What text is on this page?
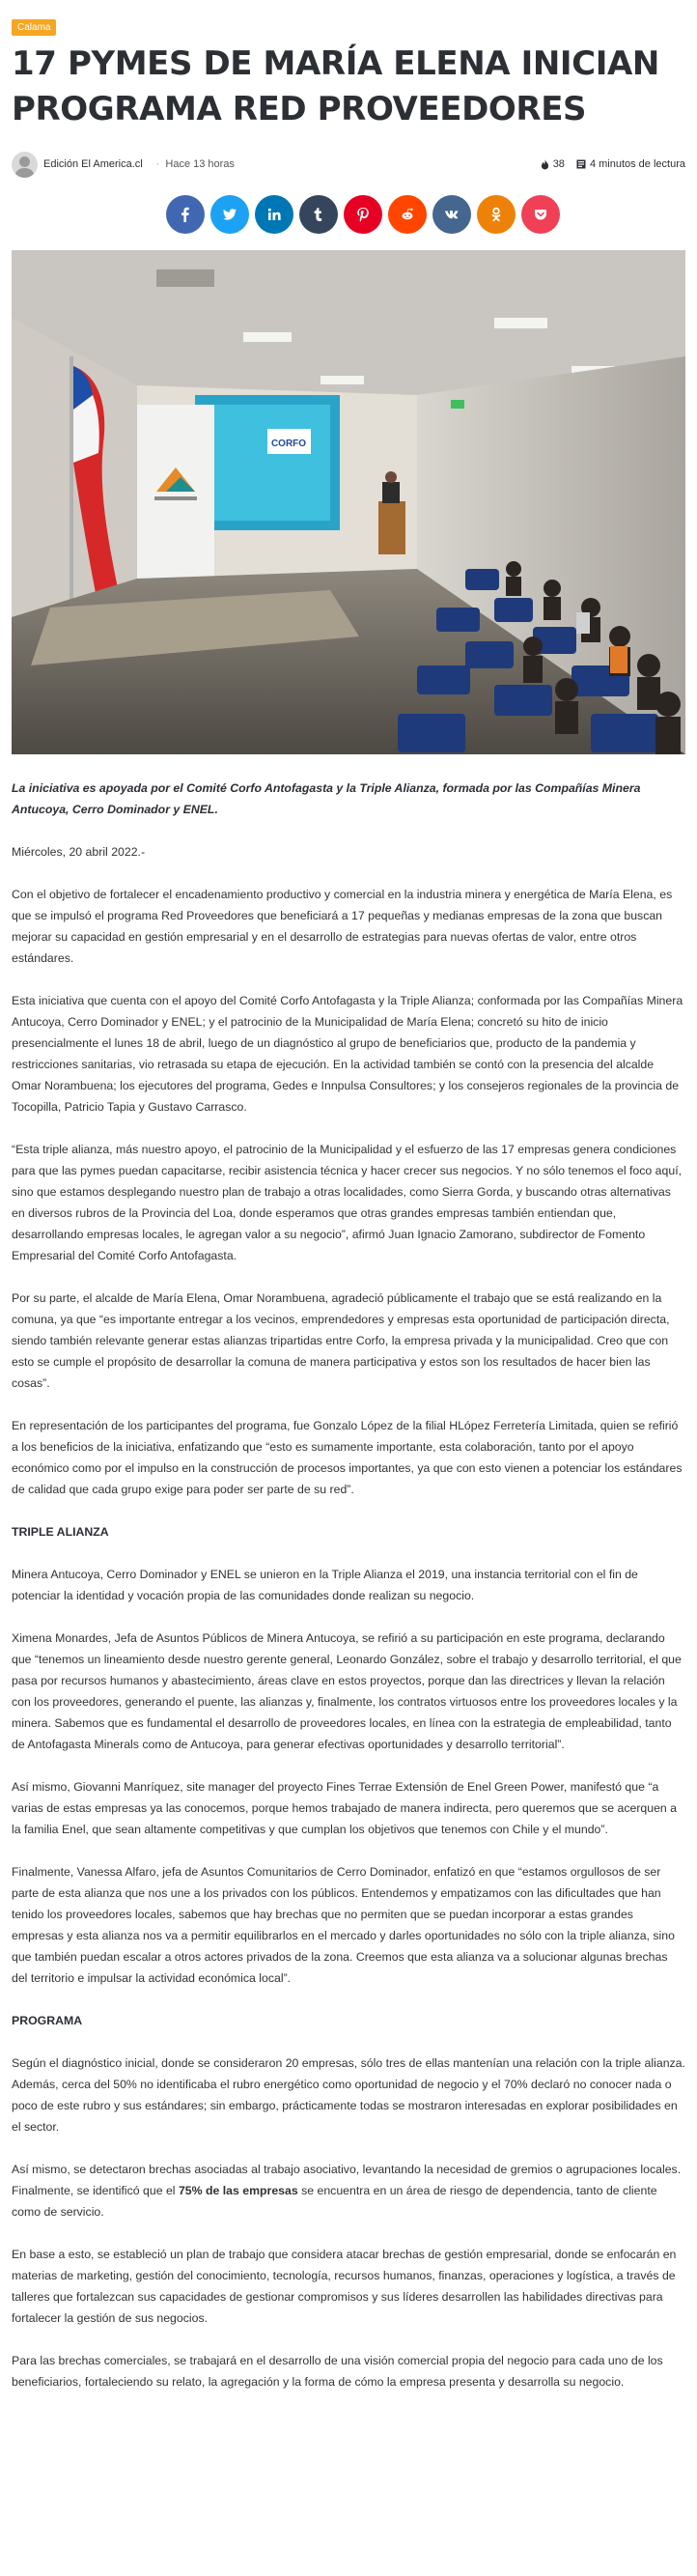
Calama
17 PYMES DE MARÍA ELENA INICIAN PROGRAMA RED PROVEEDORES
Edición El America.cl · Hace 13 horas	38 4 minutos de lectura
CORFO

La iniciativa es apoyada por el Comité Corfo Antofagasta y la Triple Alianza, formada por las Compañías Minera Antucoya, Cerro Dominador y ENEL.

Miércoles, 20 abril 2022.-

Con el objetivo de fortalecer el encadenamiento productivo y comercial en la industria minera y energética de María Elena, es que se impulsó el programa Red Proveedores que beneficiará a 17 pequeñas y medianas empresas de la zona que buscan mejorar su capacidad en gestión empresarial y en el desarrollo de estrategias para nuevas ofertas de valor, entre otros estándares.

Esta iniciativa que cuenta con el apoyo del Comité Corfo Antofagasta y la Triple Alianza; conformada por las Compañías Minera Antucoya, Cerro Dominador y ENEL; y el patrocinio de la Municipalidad de María Elena; concretó su hito de inicio presencialmente el lunes 18 de abril, luego de un diagnóstico al grupo de beneficiarios que, producto de la pandemia y restricciones sanitarias, vio retrasada su etapa de ejecución. En la actividad también se contó con la presencia del alcalde Omar Norambuena; los ejecutores del programa, Gedes e Innpulsa Consultores; y los consejeros regionales de la provincia de Tocopilla, Patricio Tapia y Gustavo Carrasco.

“Esta triple alianza, más nuestro apoyo, el patrocinio de la Municipalidad y el esfuerzo de las 17 empresas genera condiciones para que las pymes puedan capacitarse, recibir asistencia técnica y hacer crecer sus negocios. Y no sólo tenemos el foco aquí, sino que estamos desplegando nuestro plan de trabajo a otras localidades, como Sierra Gorda, y buscando otras alternativas en diversos rubros de la Provincia del Loa, donde esperamos que otras grandes empresas también entiendan que, desarrollando empresas locales, le agregan valor a su negocio”, afirmó Juan Ignacio Zamorano, subdirector de Fomento Empresarial del Comité Corfo Antofagasta.

Por su parte, el alcalde de María Elena, Omar Norambuena, agradeció públicamente el trabajo que se está realizando en la comuna, ya que “es importante entregar a los vecinos, emprendedores y empresas esta oportunidad de participación directa, siendo también relevante generar estas alianzas tripartidas entre Corfo, la empresa privada y la municipalidad. Creo que con esto se cumple el propósito de desarrollar la comuna de manera participativa y estos son los resultados de hacer bien las cosas”.

En representación de los participantes del programa, fue Gonzalo López de la filial HLópez Ferretería Limitada, quien se refirió a los beneficios de la iniciativa, enfatizando que “esto es sumamente importante, esta colaboración, tanto por el apoyo económico como por el impulso en la construcción de procesos importantes, ya que con esto vienen a potenciar los estándares de calidad que cada grupo exige para poder ser parte de su red”.

TRIPLE ALIANZA

Minera Antucoya, Cerro Dominador y ENEL se unieron en la Triple Alianza el 2019, una instancia territorial con el fin de potenciar la identidad y vocación propia de las comunidades donde realizan su negocio.

Ximena Monardes, Jefa de Asuntos Públicos de Minera Antucoya, se refirió a su participación en este programa, declarando que “tenemos un lineamiento desde nuestro gerente general, Leonardo González, sobre el trabajo y desarrollo territorial, el que pasa por recursos humanos y abastecimiento, áreas clave en estos proyectos, porque dan las directrices y llevan la relación con los proveedores, generando el puente, las alianzas y, finalmente, los contratos virtuosos entre los proveedores locales y la minera. Sabemos que es fundamental el desarrollo de proveedores locales, en línea con la estrategia de empleabilidad, tanto de Antofagasta Minerals como de Antucoya, para generar efectivas oportunidades y desarrollo territorial”.

Así mismo, Giovanni Manríquez, site manager del proyecto Fines Terrae Extensión de Enel Green Power, manifestó que “a varias de estas empresas ya las conocemos, porque hemos trabajado de manera indirecta, pero queremos que se acerquen a la familia Enel, que sean altamente competitivas y que cumplan los objetivos que tenemos con Chile y el mundo”.

Finalmente, Vanessa Alfaro, jefa de Asuntos Comunitarios de Cerro Dominador, enfatizó en que “estamos orgullosos de ser parte de esta alianza que nos une a los privados con los públicos. Entendemos y empatizamos con las dificultades que han tenido los proveedores locales, sabemos que hay brechas que no permiten que se puedan incorporar a estas grandes empresas y esta alianza nos va a permitir equilibrarlos en el mercado y darles oportunidades no sólo con la triple alianza, sino que también puedan escalar a otros actores privados de la zona. Creemos que esta alianza va a solucionar algunas brechas del territorio e impulsar la actividad económica local”.

PROGRAMA

Según el diagnóstico inicial, donde se consideraron 20 empresas, sólo tres de ellas mantenían una relación con la triple alianza. Además, cerca del 50% no identificaba el rubro energético como oportunidad de negocio y el 70% declaró no conocer nada o poco de este rubro y sus estándares; sin embargo, prácticamente todas se mostraron interesadas en explorar posibilidades en el sector.

Así mismo, se detectaron brechas asociadas al trabajo asociativo, levantando la necesidad de gremios o agrupaciones locales. Finalmente, se identificó que el 75% de las empresas se encuentra en un área de riesgo de dependencia, tanto de cliente como de servicio.

En base a esto, se estableció un plan de trabajo que considera atacar brechas de gestión empresarial, donde se enfocarán en materias de marketing, gestión del conocimiento, tecnología, recursos humanos, finanzas, operaciones y logística, a través de talleres que fortalezcan sus capacidades de gestionar compromisos y sus líderes desarrollen las habilidades directivas para fortalecer la gestión de sus negocios.

Para las brechas comerciales, se trabajará en el desarrollo de una visión comercial propia del negocio para cada uno de los beneficiarios, fortaleciendo su relato, la agregación y la forma de cómo la empresa presenta y desarrolla su negocio.
